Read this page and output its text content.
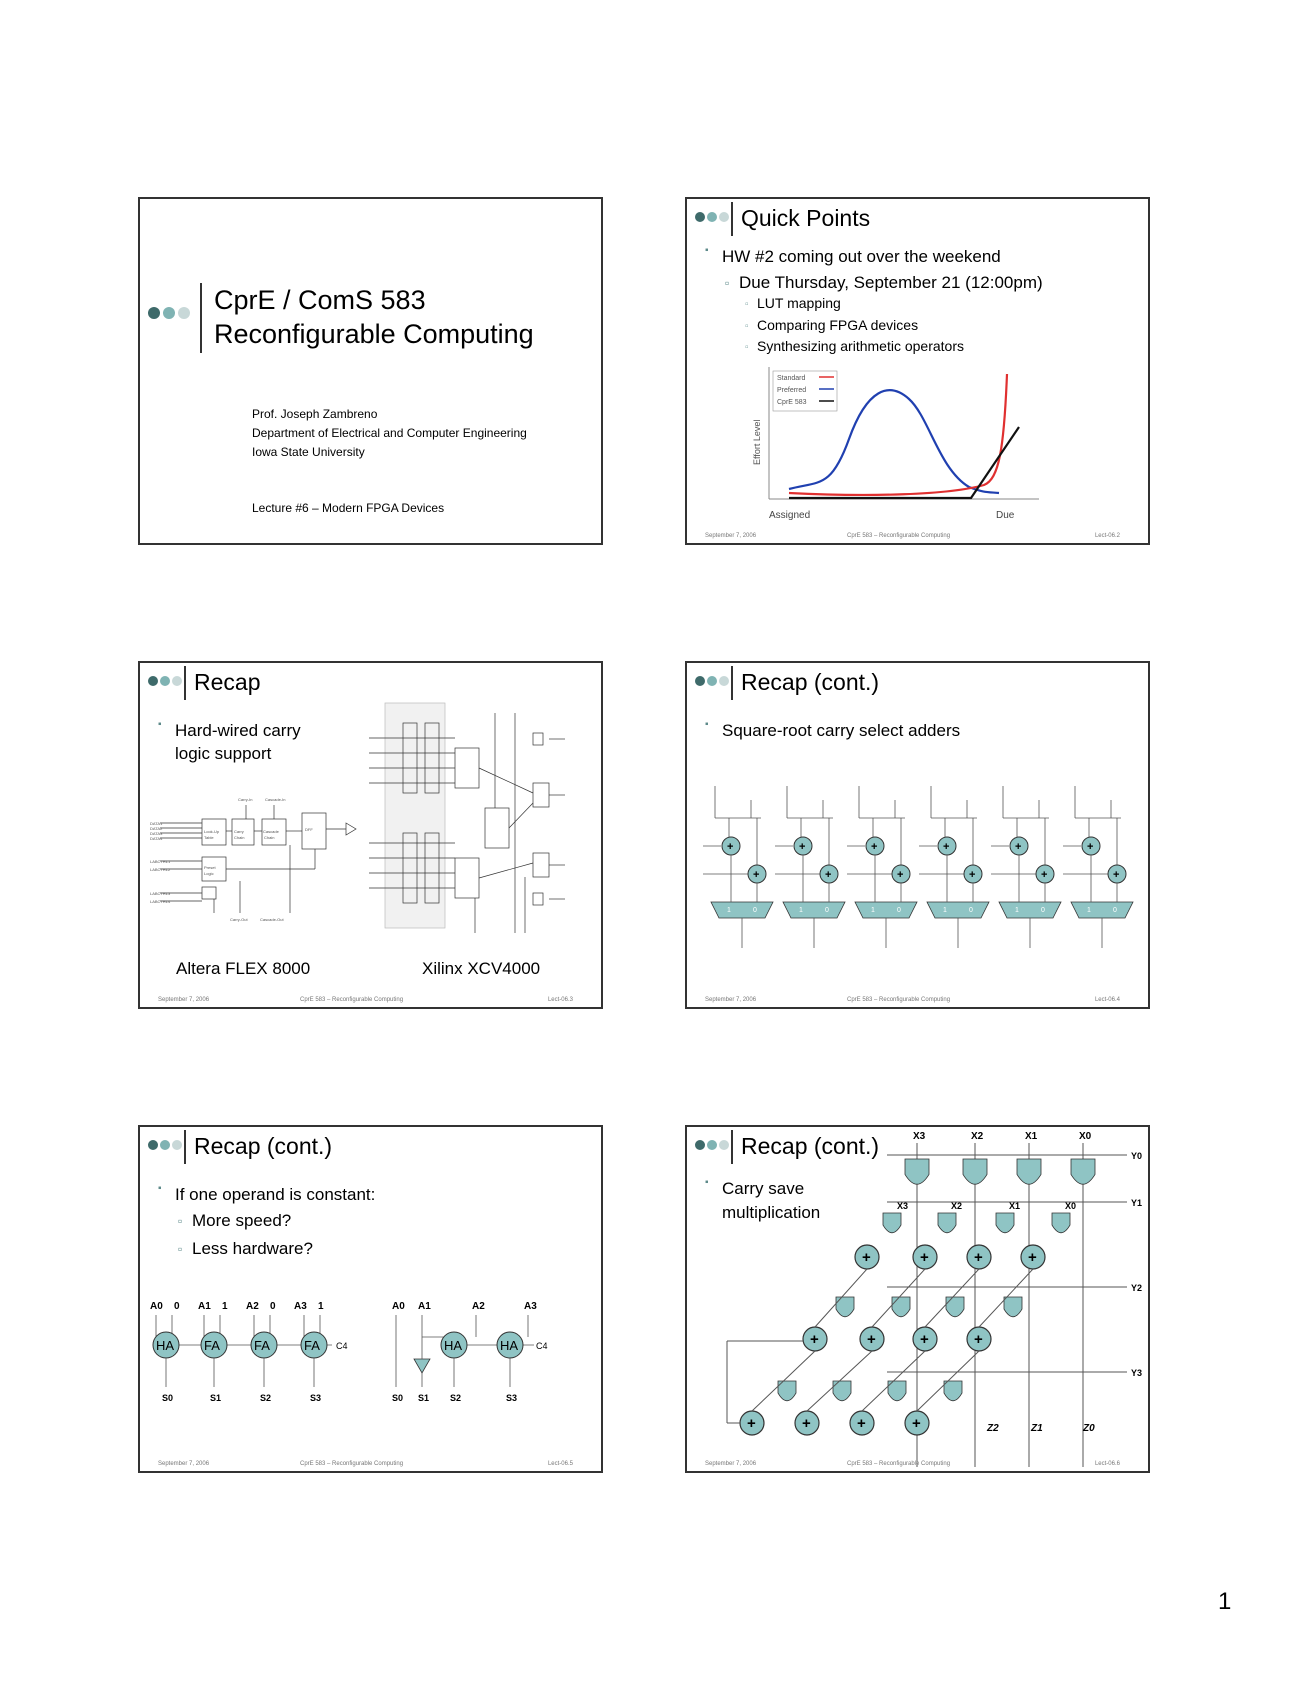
CprE / ComS 583
Reconfigurable Computing
Prof. Joseph Zambreno
Department of Electrical and Computer Engineering
Iowa State University
Lecture #6 – Modern FPGA Devices
Quick Points
▪HW #2 coming out over the weekend
Due Thursday, September 21 (12:00pm)
LUT mapping
Comparing FPGA devices
Synthesizing arithmetic operators
Effort Level
Assigned	Due
Standard
Preferred
CprE 583
September 7, 2006	CprE 583 – Reconfigurable Computing	Lect-06.2
Recap
▪Hard-wired carry
logic support
Carry-In	Cascade-In
DATA1
DATA2
DATA3
DATA4
LABCTRL1
LABCTRL2
LABCTRL3
LABCTRL4
Carry-Out	Cascade-Out
Look-Up
Table
Carry
Chain
Cascade
Chain
DFF
Preset
Logic
Altera FLEX 8000	Xilinx XCV4000
September 7, 2006	CprE 583 – Reconfigurable Computing	Lect-06.3
Recap (cont.)
▪Square-root carry select adders
+
+
1	0
+
+
1	0
+
+
1	0
+
+
1	0
+
+
1	0
+
+
1	0
September 7, 2006	CprE 583 – Reconfigurable Computing	Lect-06.4
Recap (cont.)
▪If one operand is constant:
More speed?
Less hardware?
A0 0 A1 1 A2 0 A3 1
HA
S0
FA
S1
FA
S2
FA
S3
C4
A0 A1	A2	A3
HA	HA C4
S0 S1 S2	S3
September 7, 2006	CprE 583 – Reconfigurable Computing	Lect-06.5
Recap (cont.)
▪Carry save
multiplication
X3	X2	X1	X0
Y0
Y1
Y2
Y3
X3	X2	X1	X0
+	+	+	+
+	+	+	+
+	+	+	+	Z2	Z1	Z0
September 7, 2006	CprE 583 – Reconfigurable Computing	Lect-06.6
1
